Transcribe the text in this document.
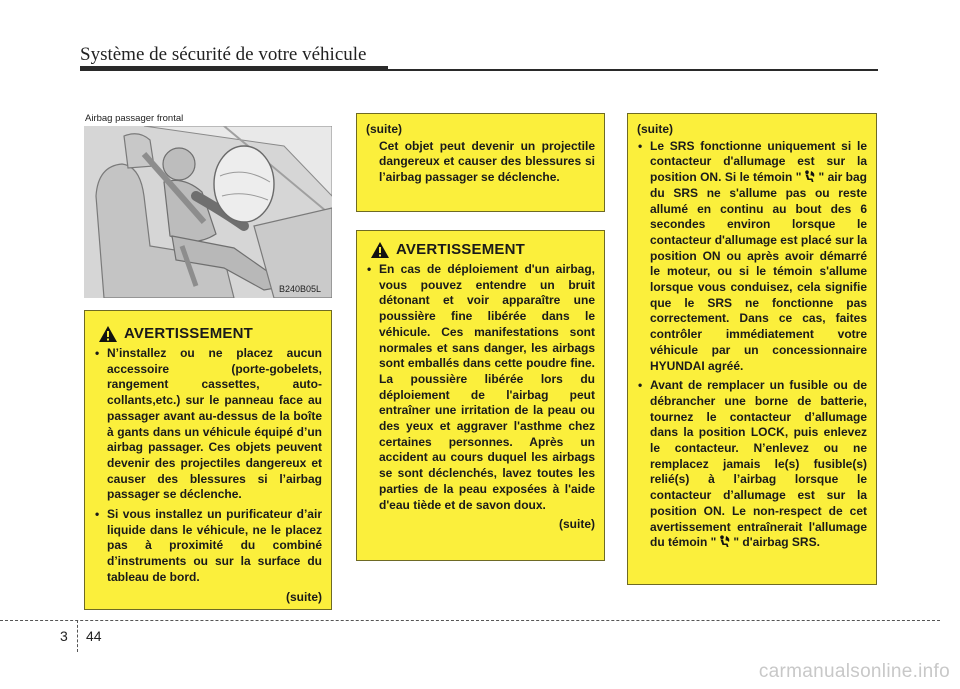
Système de sécurité de votre véhicule
Airbag passager frontal
B240B05L
AVERTISSEMENT
• N’installez ou ne placez aucun accessoire (porte-gobelets, rangement cassettes, auto-collants,etc.) sur le panneau face au passager avant au-dessus de la boîte à gants dans un véhicule équipé d’un airbag passager. Ces objets peuvent devenir des projectiles dangereux et causer des blessures si l’airbag passager se déclenche.
• Si vous installez un purificateur d’air liquide dans le véhicule, ne le placez pas à proximité du combiné d’instruments ou sur la surface du tableau de bord.
(suite)
(suite)
Cet objet peut devenir un projectile dangereux et causer des blessures si l’airbag passager se déclenche.
AVERTISSEMENT
• En cas de déploiement d'un airbag, vous pouvez entendre un bruit détonant et voir apparaître une poussière fine libérée dans le véhicule. Ces manifestations sont normales et sans danger, les airbags sont emballés dans cette poudre fine. La poussière libérée lors du déploiement de l'airbag peut entraîner une irritation de la peau ou des yeux et aggraver l'asthme chez certaines personnes. Après un accident au cours duquel les airbags se sont déclenchés, lavez toutes les parties de la peau exposées à l'aide d'eau tiède et de savon doux.
(suite)
(suite)
• Le SRS fonctionne uniquement si le contacteur d'allumage est sur la position ON. Si le témoin " " air bag du SRS ne s'allume pas ou reste allumé en continu au bout des 6 secondes environ lorsque le contacteur d'allumage est placé sur la position ON ou après avoir démarré le moteur, ou si le témoin s'allume lorsque vous conduisez, cela signifie que le SRS ne fonctionne pas correctement. Dans ce cas, faites contrôler immédiatement votre véhicule par un concessionnaire HYUNDAI agréé.
• Avant de remplacer un fusible ou de débrancher une borne de batterie, tournez le contacteur d’allumage dans la position LOCK, puis enlevez le contacteur. N’enlevez ou ne remplacez jamais le(s) fusible(s) relié(s) à l’airbag lorsque le contacteur d’allumage est sur la position ON. Le non-respect de cet avertissement entraînerait l'allumage du témoin " " d'airbag SRS.
3 44
carmanualsonline.info
